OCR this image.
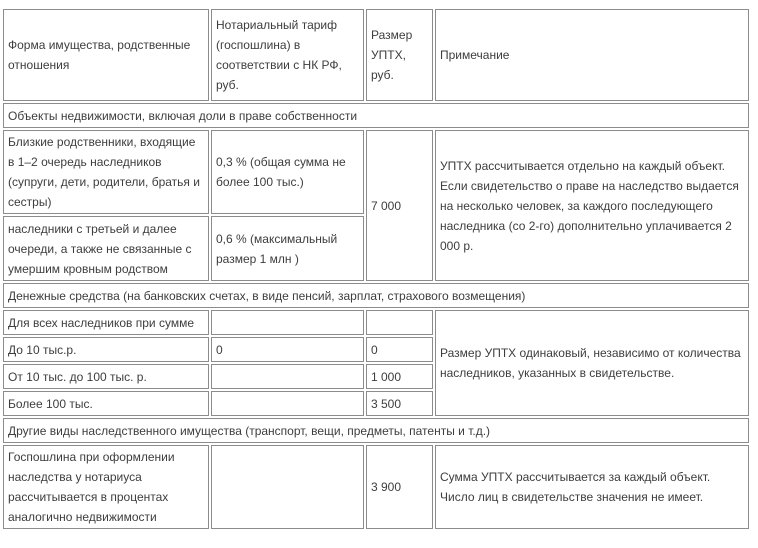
Форма имущества, родственные отношения	Нотариальный тариф (госпошлина) в соответствии с НК РФ, руб.	Размер УПТХ, руб.	Примечание
Объекты недвижимости, включая доли в праве собственности			
Близкие родственники, входящие в 1–2 очередь наследников (супруги, дети, родители, братья и сестры)	0,3 % (общая сумма не более 100 тыс.)	7 000	УПТХ рассчитывается отдельно на каждый объект. Если свидетельство о праве на наследство выдается на несколько человек, за каждого последующего наследника (со 2-го) дополнительно уплачивается 2 000 р.
наследники с третьей и далее очереди, а также не связанные с умершим кровным родством	0,6 % (максимальный размер 1 млн )		
Денежные средства (на банковских счетах, в виде пенсий, зарплат, страхового возмещения)			
Для всех наследников при сумме			Размер УПТХ одинаковый, независимо от количества наследников, указанных в свидетельстве.
До 10 тыс.р.	0	0	
От 10 тыс. до 100 тыс. р.		1 000	
Более 100 тыс.		3 500	
Другие виды наследственного имущества (транспорт, вещи, предметы, патенты и т.д.)			
Госпошлина при оформлении наследства у нотариуса рассчитывается в процентах аналогично недвижимости		3 900	Сумма УПТХ рассчитывается за каждый объект. Число лиц в свидетельстве значения не имеет.
